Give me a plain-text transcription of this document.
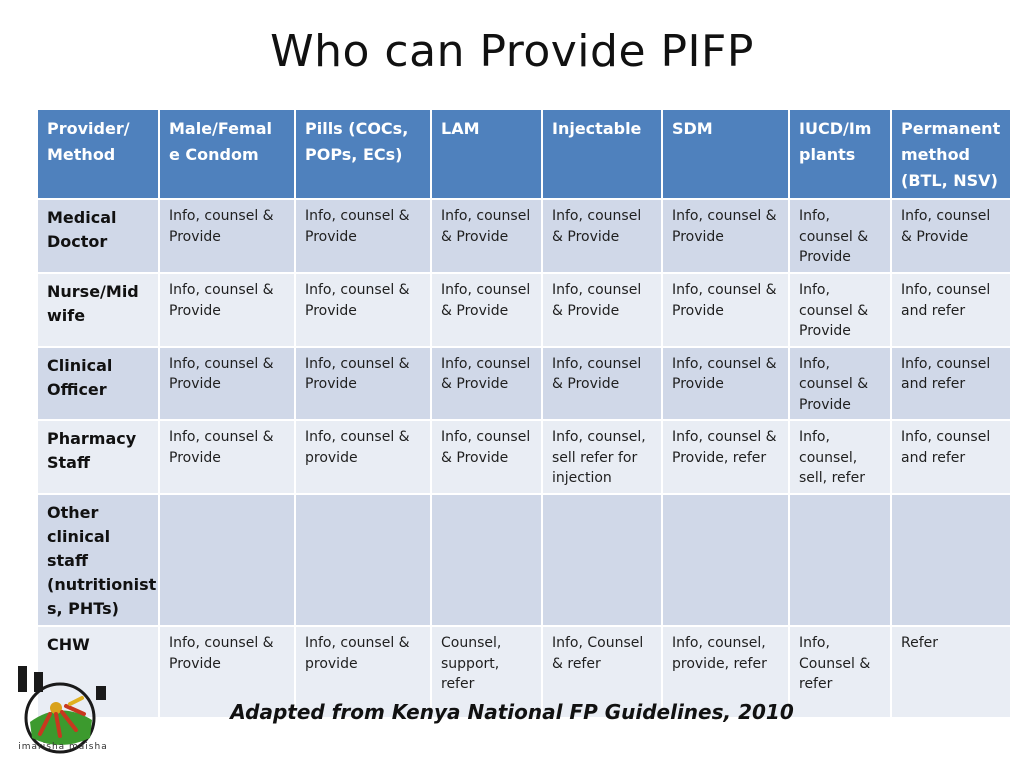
Who can Provide PIFP
Provider/ Method	Male/Femal e Condom	Pills (COCs, POPs, ECs)	LAM	Injectable	SDM	IUCD/Im plants	Permanent method (BTL, NSV)
Medical Doctor	Info, counsel & Provide	Info, counsel & Provide	Info, counsel & Provide	Info, counsel & Provide	Info, counsel & Provide	Info, counsel & Provide	Info, counsel & Provide
Nurse/Mid wife	Info, counsel & Provide	Info, counsel & Provide	Info, counsel & Provide	Info, counsel & Provide	Info, counsel & Provide	Info, counsel & Provide	Info, counsel and refer
Clinical Officer	Info, counsel & Provide	Info, counsel & Provide	Info, counsel & Provide	Info, counsel & Provide	Info, counsel & Provide	Info, counsel & Provide	Info, counsel and refer
Pharmacy Staff	Info, counsel & Provide	Info, counsel & provide	Info, counsel & Provide	Info, counsel, sell refer for injection	Info, counsel & Provide, refer	Info, counsel, sell, refer	Info, counsel and refer
Other clinical staff (nutritionist s, PHTs)							
CHW	Info, counsel & Provide	Info, counsel & provide	Counsel, support, refer	Info, Counsel & refer	Info, counsel, provide, refer	Info, Counsel & refer	Refer
imarisha maisha
Adapted from Kenya National FP Guidelines, 2010
